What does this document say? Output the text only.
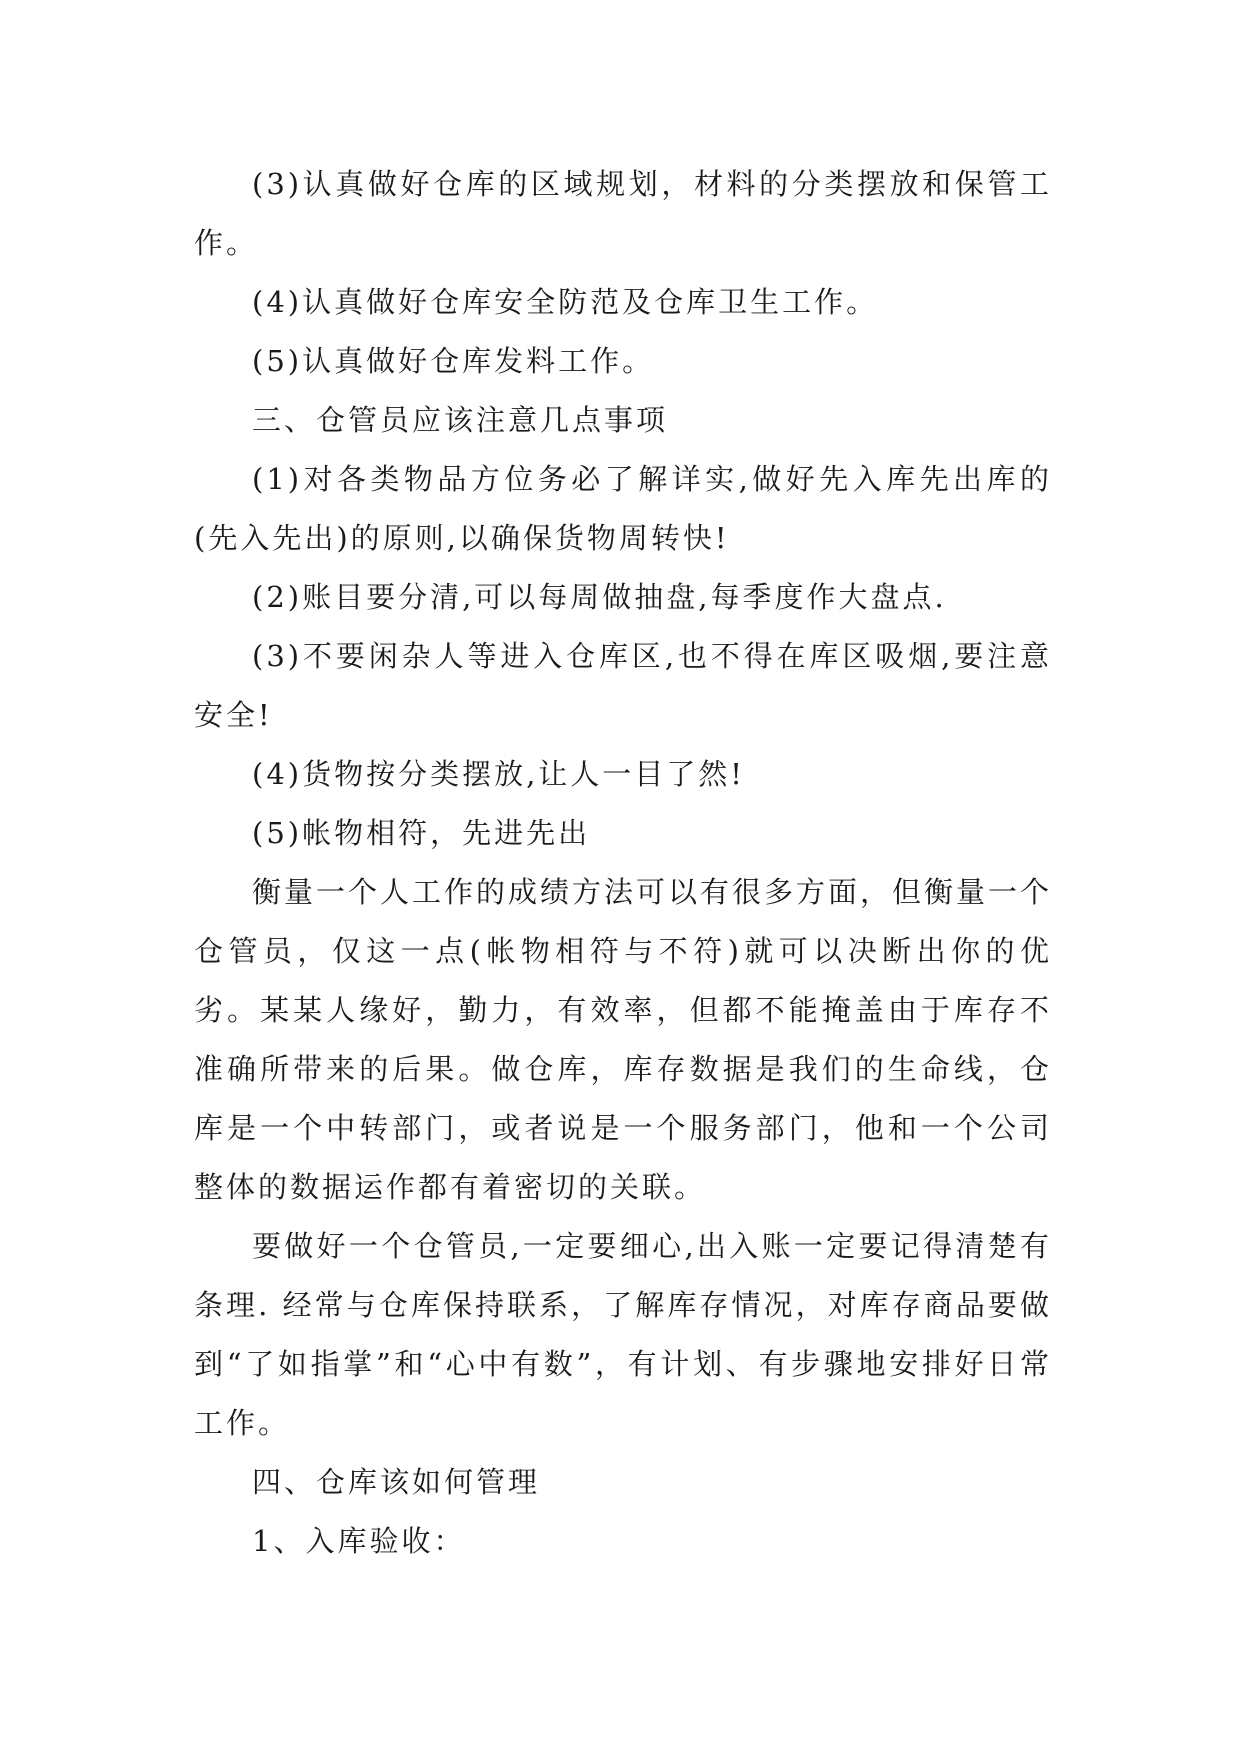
(3)认真做好仓库的区域规划，材料的分类摆放和保管工作。

(4)认真做好仓库安全防范及仓库卫生工作。

(5)认真做好仓库发料工作。

三、仓管员应该注意几点事项

(1)对各类物品方位务必了解详实,做好先入库先出库的(先入先出)的原则,以确保货物周转快!

(2)账目要分清,可以每周做抽盘,每季度作大盘点.

(3)不要闲杂人等进入仓库区,也不得在库区吸烟,要注意安全!

(4)货物按分类摆放,让人一目了然!

(5)帐物相符，先进先出

衡量一个人工作的成绩方法可以有很多方面，但衡量一个仓管员，仅这一点(帐物相符与不符)就可以决断出你的优劣。某某人缘好，勤力，有效率，但都不能掩盖由于库存不准确所带来的后果。做仓库，库存数据是我们的生命线，仓库是一个中转部门，或者说是一个服务部门，他和一个公司整体的数据运作都有着密切的关联。

要做好一个仓管员,一定要细心,出入账一定要记得清楚有条理. 经常与仓库保持联系，了解库存情况，对库存商品要做到“了如指掌”和“心中有数”，有计划、有步骤地安排好日常工作。

四、仓库该如何管理

1、入库验收：
